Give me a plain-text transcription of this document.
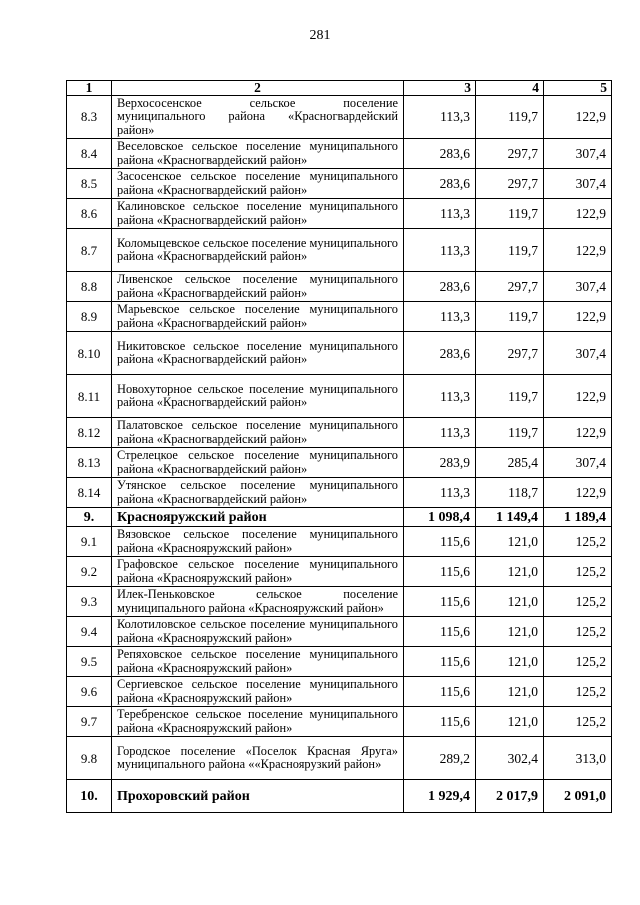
281
1	2	3	4	5
8.3	Верхососенское сельское поселение муниципального района «Красногвардейский район»	113,3	119,7	122,9
8.4	Веселовское сельское поселение муниципального района «Красногвардейский район»	283,6	297,7	307,4
8.5	Засосенское сельское поселение муниципального района «Красногвардейский район»	283,6	297,7	307,4
8.6	Калиновское сельское поселение муниципального района «Красногвардейский район»	113,3	119,7	122,9
8.7	Коломыцевское сельское поселение муниципального района «Красногвардейский район»	113,3	119,7	122,9
8.8	Ливенское сельское поселение муниципального района «Красногвардейский район»	283,6	297,7	307,4
8.9	Марьевское сельское поселение муниципального района «Красногвардейский район»	113,3	119,7	122,9
8.10	Никитовское сельское поселение муниципального района «Красногвардейский район»	283,6	297,7	307,4
8.11	Новохуторное сельское поселение муниципального района «Красногвардейский район»	113,3	119,7	122,9
8.12	Палатовское сельское поселение муниципального района «Красногвардейский район»	113,3	119,7	122,9
8.13	Стрелецкое сельское поселение муниципального района «Красногвардейский район»	283,9	285,4	307,4
8.14	Утянское сельское поселение муниципального района «Красногвардейский район»	113,3	118,7	122,9
9.	Краснояружский район	1 098,4	1 149,4	1 189,4
9.1	Вязовское сельское поселение муниципального района «Краснояружский район»	115,6	121,0	125,2
9.2	Графовское сельское поселение муниципального района «Краснояружский район»	115,6	121,0	125,2
9.3	Илек-Пеньковское сельское поселение муниципального района «Краснояружский район»	115,6	121,0	125,2
9.4	Колотиловское сельское поселение муниципального района «Краснояружский район»	115,6	121,0	125,2
9.5	Репяховское сельское поселение муниципального района «Краснояружский район»	115,6	121,0	125,2
9.6	Сергиевское сельское поселение муниципального района «Краснояружский район»	115,6	121,0	125,2
9.7	Теребренское сельское поселение муниципального района «Краснояружский район»	115,6	121,0	125,2
9.8	Городское поселение «Поселок Красная Яруга» муниципального района ««Красноярузкий район»	289,2	302,4	313,0
10.	Прохоровский район	1 929,4	2 017,9	2 091,0
